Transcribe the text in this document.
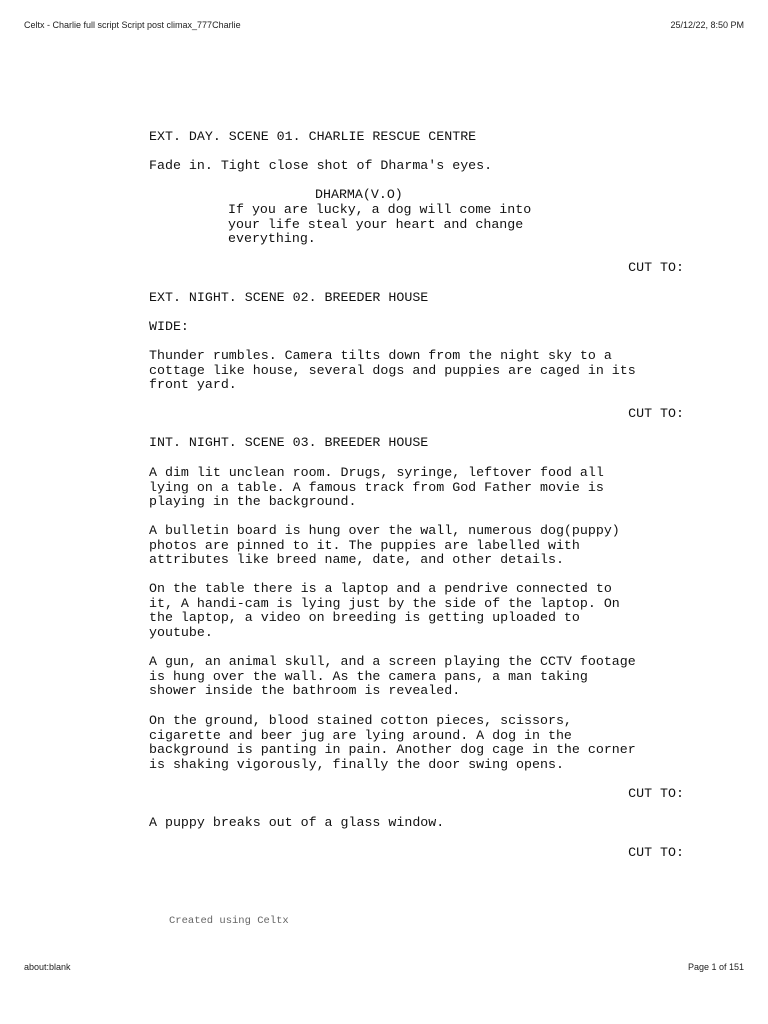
Celtx - Charlie full script Script post climax_777Charlie	25/12/22, 8:50 PM
EXT. DAY. SCENE 01. CHARLIE RESCUE CENTRE
Fade in. Tight close shot of Dharma's eyes.
DHARMA(V.O)
If you are lucky, a dog will come into
your life steal your heart and change
everything.
CUT TO:
EXT. NIGHT. SCENE 02. BREEDER HOUSE
WIDE:
Thunder rumbles. Camera tilts down from the night sky to a
cottage like house, several dogs and puppies are caged in its
front yard.
CUT TO:
INT. NIGHT. SCENE 03. BREEDER HOUSE
A dim lit unclean room. Drugs, syringe, leftover food all
lying on a table. A famous track from God Father movie is
playing in the background.
A bulletin board is hung over the wall, numerous dog(puppy)
photos are pinned to it. The puppies are labelled with
attributes like breed name, date, and other details.
On the table there is a laptop and a pendrive connected to
it, A handi-cam is lying just by the side of the laptop. On
the laptop, a video on breeding is getting uploaded to
youtube.
A gun, an animal skull, and a screen playing the CCTV footage
is hung over the wall. As the camera pans, a man taking
shower inside the bathroom is revealed.
On the ground, blood stained cotton pieces, scissors,
cigarette and beer jug are lying around. A dog in the
background is panting in pain. Another dog cage in the corner
is shaking vigorously, finally the door swing opens.
CUT TO:
A puppy breaks out of a glass window.
CUT TO:
Created using Celtx
about:blank	Page 1 of 151
